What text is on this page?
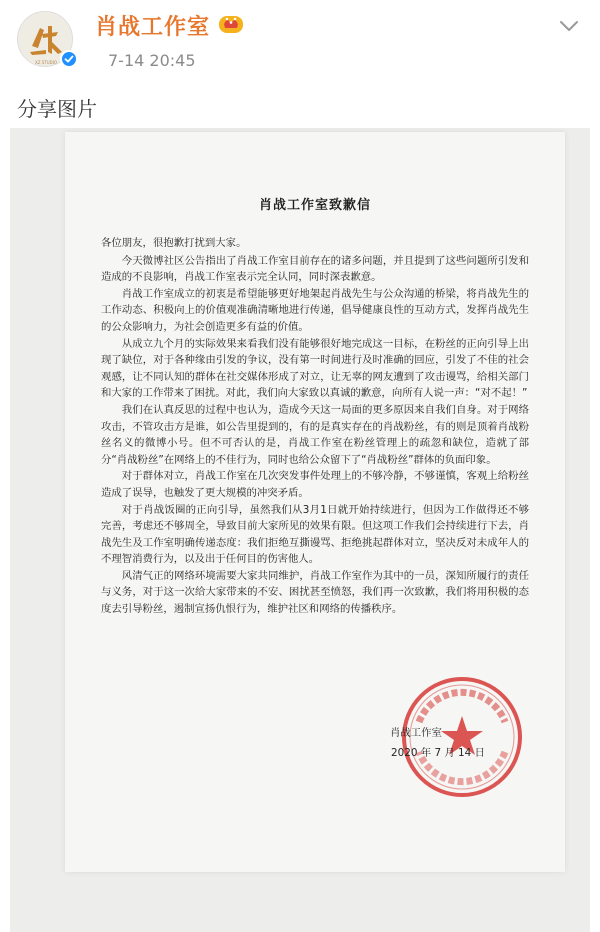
XZ STUDIO
肖战工作室
7-14 20:45
分享图片
肖战工作室致歉信

各位朋友，很抱歉打扰到大家。

今天微博社区公告指出了肖战工作室目前存在的诸多问题，并且提到了这些问题所引发和造成的不良影响，肖战工作室表示完全认同，同时深表歉意。

肖战工作室成立的初衷是希望能够更好地架起肖战先生与公众沟通的桥梁，将肖战先生的工作动态、积极向上的价值观准确清晰地进行传递，倡导健康良性的互动方式，发挥肖战先生的公众影响力，为社会创造更多有益的价值。

从成立九个月的实际效果来看我们没有能够很好地完成这一目标，在粉丝的正向引导上出现了缺位，对于各种缘由引发的争议，没有第一时间进行及时准确的回应，引发了不佳的社会观感，让不同认知的群体在社交媒体形成了对立，让无辜的网友遭到了攻击谩骂，给相关部门和大家的工作带来了困扰。对此，我们向大家致以真诚的歉意，向所有人说一声：“对不起！”

我们在认真反思的过程中也认为，造成今天这一局面的更多原因来自我们自身。对于网络攻击，不管攻击方是谁，如公告里提到的，有的是真实存在的肖战粉丝，有的则是顶着肖战粉丝名义的微博小号。但不可否认的是，肖战工作室在粉丝管理上的疏忽和缺位，造就了部分“肖战粉丝”在网络上的不佳行为，同时也给公众留下了“肖战粉丝”群体的负面印象。

对于群体对立，肖战工作室在几次突发事件处理上的不够冷静，不够谨慎，客观上给粉丝造成了误导，也触发了更大规模的冲突矛盾。

对于肖战饭圈的正向引导，虽然我们从3月1日就开始持续进行，但因为工作做得还不够完善，考虑还不够周全，导致目前大家所见的效果有限。但这项工作我们会持续进行下去，肖战先生及工作室明确传递态度：我们拒绝互撕谩骂、拒绝挑起群体对立，坚决反对未成年人的不理智消费行为，以及出于任何目的伤害他人。

风清气正的网络环境需要大家共同维护，肖战工作室作为其中的一员，深知所履行的责任与义务，对于这一次给大家带来的不安、困扰甚至愤怒，我们再一次致歉，我们将用积极的态度去引导粉丝，遏制宣扬仇恨行为，维护社区和网络的传播秩序。

肖战工作室
2020 年 7 月 14 日
